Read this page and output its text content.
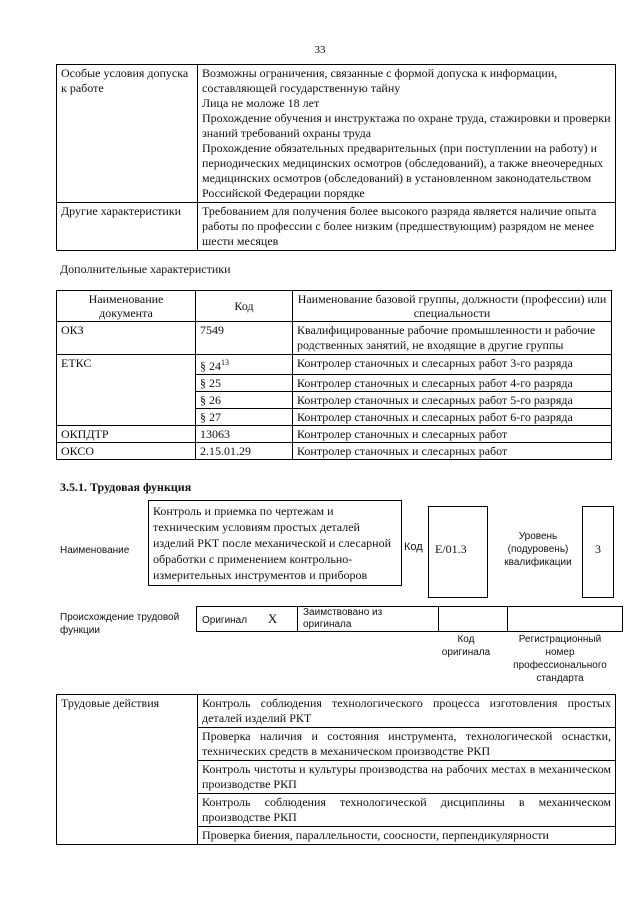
33
Особые условия допуска к работе	Возможны ограничения, связанные с формой допуска к информации, составляющей государственную тайну
Лица не моложе 18 лет
Прохождение обучения и инструктажа по охране труда, стажировки и проверки знаний требований охраны труда
Прохождение обязательных предварительных (при поступлении на работу) и периодических медицинских осмотров (обследований), а также внеочередных медицинских осмотров (обследований) в установленном законодательством Российской Федерации порядке

Другие характеристики	Требованием для получения более высокого разряда является наличие опыта работы по профессии с более низким (предшествующим) разрядом не менее шести месяцев
Дополнительные характеристики
Наименование документа	Код	Наименование базовой группы, должности (профессии) или специальности
ОКЗ	7549	Квалифицированные рабочие промышленности и рабочие родственных занятий, не входящие в другие группы
ЕТКС	§ $24^{13}$	Контролер станочных и слесарных работ 3-го разряда
	§ 25	Контролер станочных и слесарных работ 4-го разряда
	§ 26	Контролер станочных и слесарных работ 5-го разряда
	§ 27	Контролер станочных и слесарных работ 6-го разряда
ОКПДТР	13063	Контролер станочных и слесарных работ
ОКСО	2.15.01.29	Контролер станочных и слесарных работ
3.5.1. Трудовая функция
Наименование
Контроль и приемка по чертежам и техническим условиям простых деталей изделий РКТ после механической и слесарной обработки с применением контрольно-измерительных инструментов и приборов
Код E/01.3
Уровень (подуровень) квалификации
3
Происхождение трудовой функции
Оригинал X	Заимствовано из оригинала		
Код оригинала
Регистрационный номер профессионального стандарта
Трудовые действия	Контроль соблюдения технологического процесса изготовления простых деталей изделий РКТ
Проверка наличия и состояния инструмента, технологической оснастки, технических средств в механическом производстве РКП
Контроль чистоты и культуры производства на рабочих местах в механическом производстве РКП
Контроль соблюдения технологической дисциплины в механическом производстве РКП
Проверка биения, параллельности, соосности, перпендикулярности
